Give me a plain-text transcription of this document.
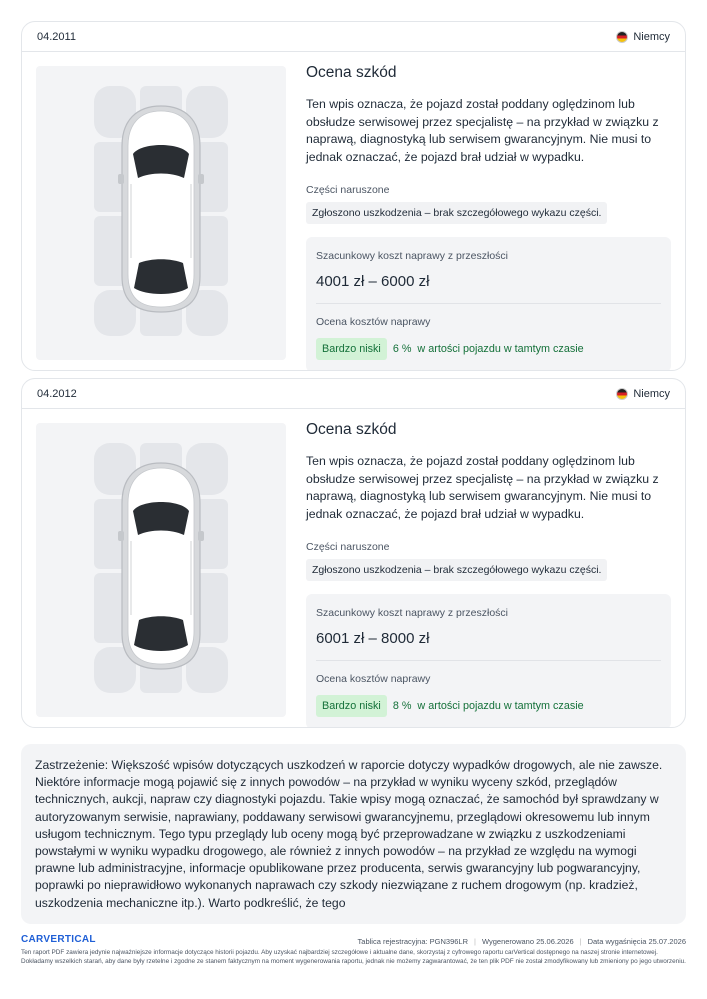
04.2011	Niemcy
Ocena szkód
Ten wpis oznacza, że pojazd został poddany oględzinom lub obsłudze serwisowej przez specjalistę – na przykład w związku z naprawą, diagnostyką lub serwisem gwarancyjnym. Nie musi to jednak oznaczać, że pojazd brał udział w wypadku.
Części naruszone
Zgłoszono uszkodzenia – brak szczegółowego wykazu części.
Szacunkowy koszt naprawy z przeszłości
4001 zł – 6000 zł
Ocena kosztów naprawy
Bardzo niski	6 % w artości pojazdu w tamtym czasie
04.2012	Niemcy
Ocena szkód
Ten wpis oznacza, że pojazd został poddany oględzinom lub obsłudze serwisowej przez specjalistę – na przykład w związku z naprawą, diagnostyką lub serwisem gwarancyjnym. Nie musi to jednak oznaczać, że pojazd brał udział w wypadku.
Części naruszone
Zgłoszono uszkodzenia – brak szczegółowego wykazu części.
Szacunkowy koszt naprawy z przeszłości
6001 zł – 8000 zł
Ocena kosztów naprawy
Bardzo niski	8 % w artości pojazdu w tamtym czasie

Zastrzeżenie: Większość wpisów dotyczących uszkodzeń w raporcie dotyczy wypadków drogowych, ale nie zawsze. Niektóre informacje mogą pojawić się z innych powodów – na przykład w wyniku wyceny szkód, przeglądów technicznych, aukcji, napraw czy diagnostyki pojazdu. Takie wpisy mogą oznaczać, że samochód był sprawdzany w autoryzowanym serwisie, naprawiany, poddawany serwisowi gwarancyjnemu, przeglądowi okresowemu lub innym usługom technicznym. Tego typu przeglądy lub oceny mogą być przeprowadzane w związku z uszkodzeniami powstałymi w wyniku wypadku drogowego, ale również z innych powodów – na przykład ze względu na wymogi prawne lub administracyjne, informacje opublikowane przez producenta, serwis gwarancyjny lub pogwarancyjny, poprawki po nieprawidłowo wykonanych naprawach czy szkody niezwiązane z ruchem drogowym (np. kradzież, uszkodzenia mechaniczne itp.). Warto podkreślić, że tego

CARVERTICAL	Tablica rejestracyjna: PGN396LR | Wygenerowano 25.06.2026 | Data wygaśnięcia 25.07.2026
Ten raport PDF zawiera jedynie najważniejsze informacje dotyczące historii pojazdu. Aby uzyskać najbardziej szczegółowe i aktualne dane, skorzystaj z cyfrowego raportu carVertical dostępnego na naszej stronie internetowej. Dokładamy wszelkich starań, aby dane były rzetelne i zgodne ze stanem faktycznym na moment wygenerowania raportu, jednak nie możemy zagwarantować, że ten plik PDF nie został zmodyfikowany lub zmieniony po jego utworzeniu.
